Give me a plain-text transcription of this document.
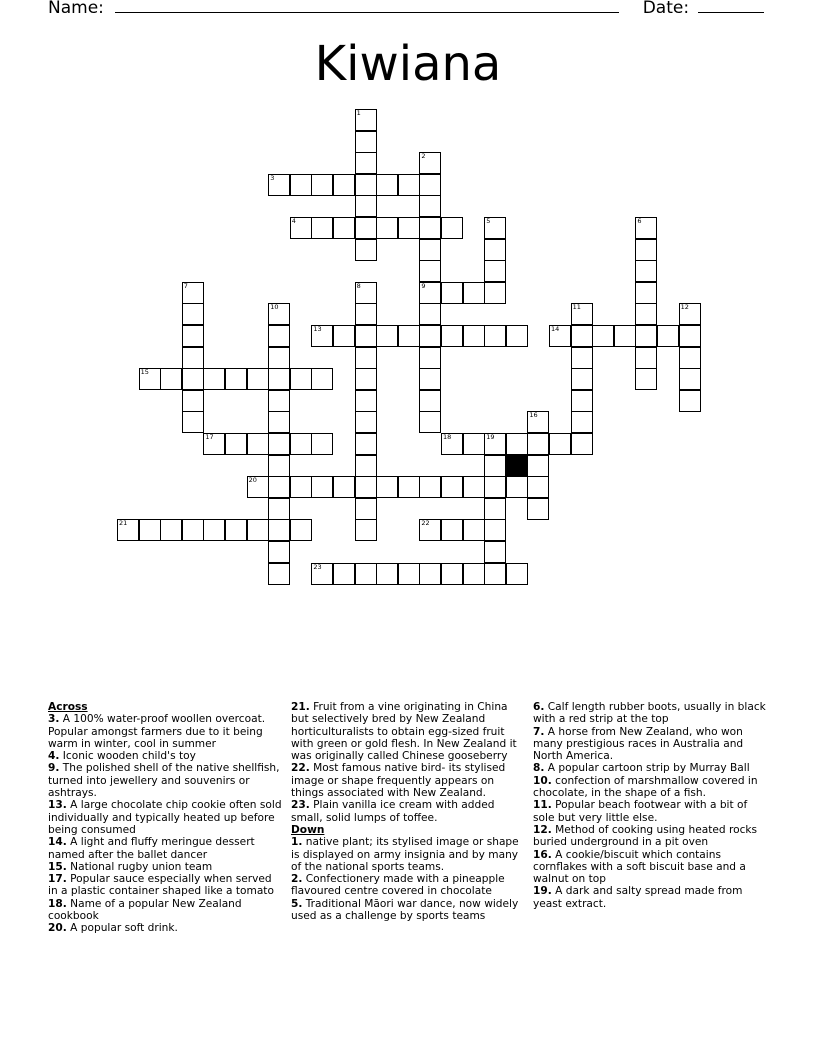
Name:	Date:
Kiwiana
1
2
9
3
4	5	6
7	8
10	11	12
13	14
15
16
17	18	19
20
21	22
23
Across
3. A 100% water-proof woollen overcoat. Popular amongst farmers due to it being warm in winter, cool in summer
4. Iconic wooden child's toy
9. The polished shell of the native shellfish, turned into jewellery and souvenirs or ashtrays.
13. A large chocolate chip cookie often sold individually and typically heated up before being consumed
14. A light and fluffy meringue dessert named after the ballet dancer
15. National rugby union team
17. Popular sauce especially when served in a plastic container shaped like a tomato
18. Name of a popular New Zealand cookbook
20. A popular soft drink.
21. Fruit from a vine originating in China but selectively bred by New Zealand horticulturalists to obtain egg-sized fruit with green or gold flesh. In New Zealand it was originally called Chinese gooseberry
22. Most famous native bird- its stylised image or shape frequently appears on things associated with New Zealand.
23. Plain vanilla ice cream with added small, solid lumps of toffee.
Down
1. native plant; its stylised image or shape is displayed on army insignia and by many of the national sports teams.
2. Confectionery made with a pineapple flavoured centre covered in chocolate
5. Traditional Māori war dance, now widely used as a challenge by sports teams
6. Calf length rubber boots, usually in black with a red strip at the top
7. A horse from New Zealand, who won many prestigious races in Australia and North America.
8. A popular cartoon strip by Murray Ball
10. confection of marshmallow covered in chocolate, in the shape of a fish.
11. Popular beach footwear with a bit of sole but very little else.
12. Method of cooking using heated rocks buried underground in a pit oven
16. A cookie/biscuit which contains cornflakes with a soft biscuit base and a walnut on top
19. A dark and salty spread made from yeast extract.
